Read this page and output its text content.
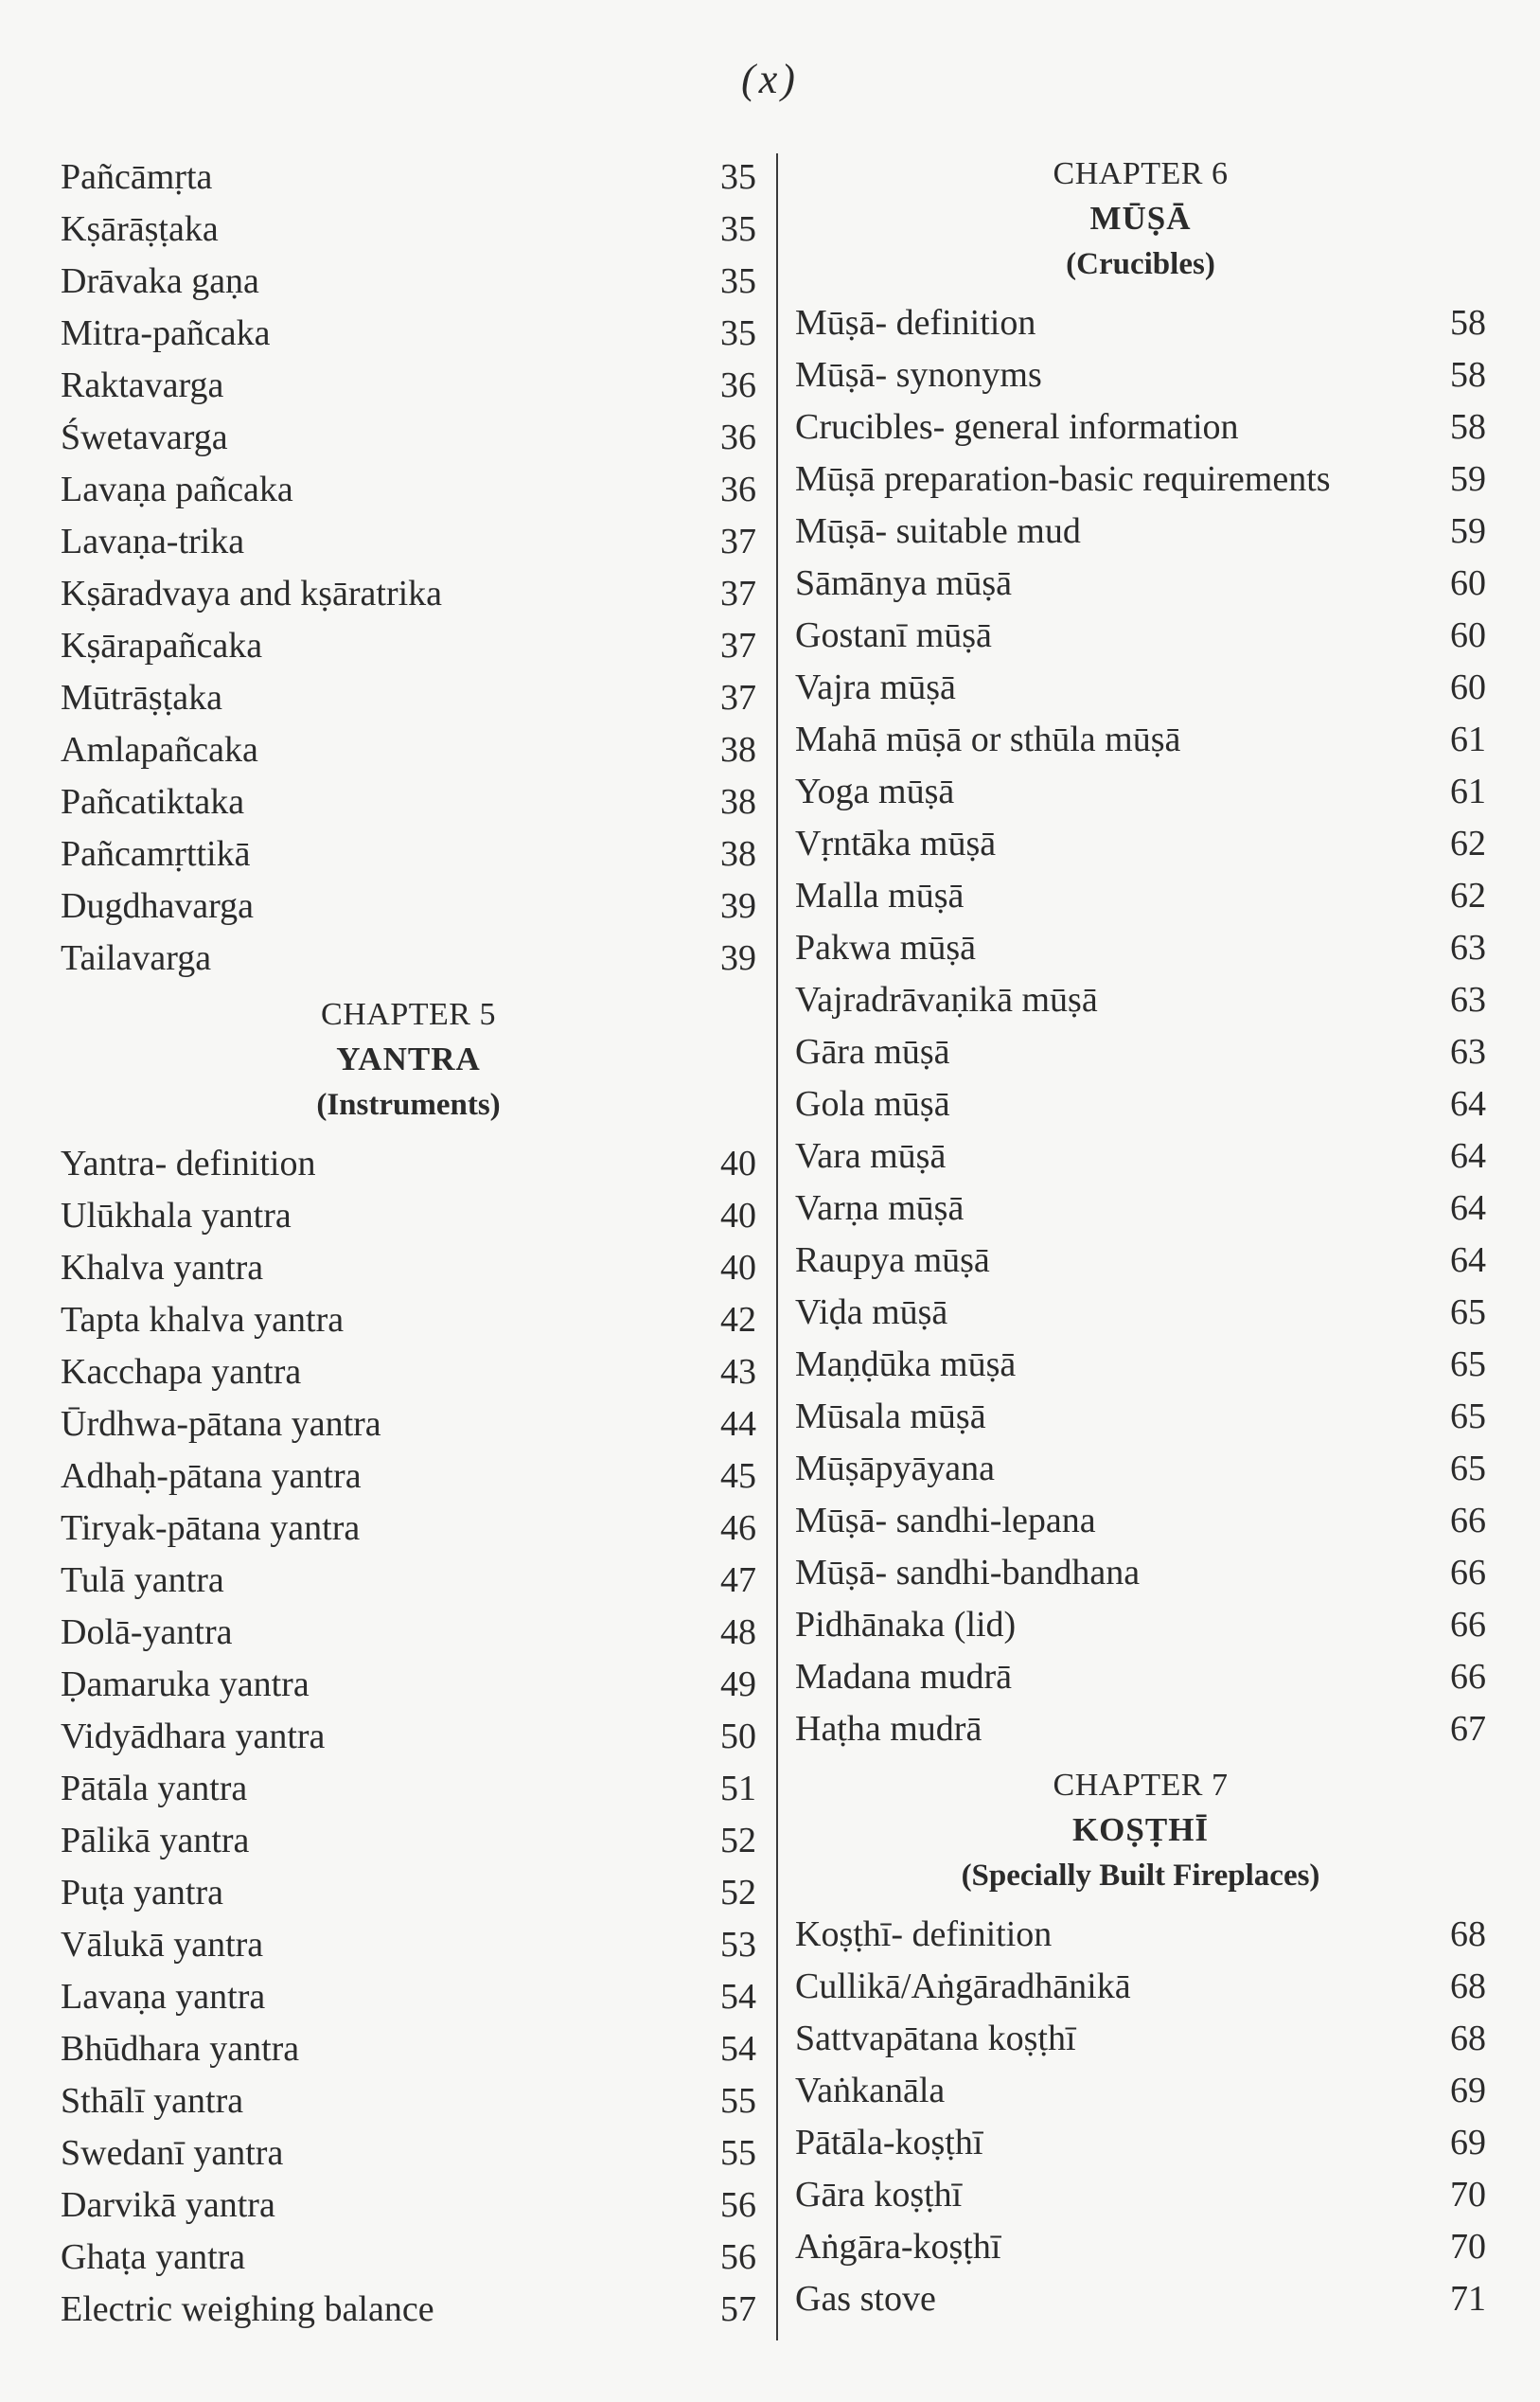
(x)
Pañcāmṛta	35
Kṣārāṣṭaka	35
Drāvaka gaṇa	35
Mitra-pañcaka	35
Raktavarga	36
Śwetavarga	36
Lavaṇa pañcaka	36
Lavaṇa-trika	37
Kṣāradvaya and kṣāratrika	37
Kṣārapañcaka	37
Mūtrāṣṭaka	37
Amlapañcaka	38
Pañcatiktaka	38
Pañcamṛttikā	38
Dugdhavarga	39
Tailavarga	39
CHAPTER 5
YANTRA
(Instruments)
Yantra- definition	40
Ulūkhala yantra	40
Khalva yantra	40
Tapta khalva yantra	42
Kacchapa yantra	43
Ūrdhwa-pātana yantra	44
Adhaḥ-pātana yantra	45
Tiryak-pātana yantra	46
Tulā yantra	47
Dolā-yantra	48
Ḍamaruka yantra	49
Vidyādhara yantra	50
Pātāla yantra	51
Pālikā yantra	52
Puṭa yantra	52
Vālukā yantra	53
Lavaṇa yantra	54
Bhūdhara yantra	54
Sthālī yantra	55
Swedanī yantra	55
Darvikā yantra	56
Ghaṭa yantra	56
Electric weighing balance	57
CHAPTER 6
MŪṢĀ
(Crucibles)
Mūṣā- definition	58
Mūṣā- synonyms	58
Crucibles- general information	58
Mūṣā preparation-basic requirements	59
Mūṣā- suitable mud	59
Sāmānya mūṣā	60
Gostanī mūṣā	60
Vajra mūṣā	60
Mahā mūṣā or sthūla mūṣā	61
Yoga mūṣā	61
Vṛntāka mūṣā	62
Malla mūṣā	62
Pakwa mūṣā	63
Vajradrāvaṇikā mūṣā	63
Gāra mūṣā	63
Gola mūṣā	64
Vara mūṣā	64
Varṇa mūṣā	64
Raupya mūṣā	64
Viḍa mūṣā	65
Maṇḍūka mūṣā	65
Mūsala mūṣā	65
Mūṣāpyāyana	65
Mūṣā- sandhi-lepana	66
Mūṣā- sandhi-bandhana	66
Pidhānaka (lid)	66
Madana mudrā	66
Haṭha mudrā	67
CHAPTER 7
KOṢṬHĪ
(Specially Built Fireplaces)
Koṣṭhī- definition	68
Cullikā/Aṅgāradhānikā	68
Sattvapātana koṣṭhī	68
Vaṅkanāla	69
Pātāla-koṣṭhī	69
Gāra koṣṭhī	70
Aṅgāra-koṣṭhī	70
Gas stove	71
